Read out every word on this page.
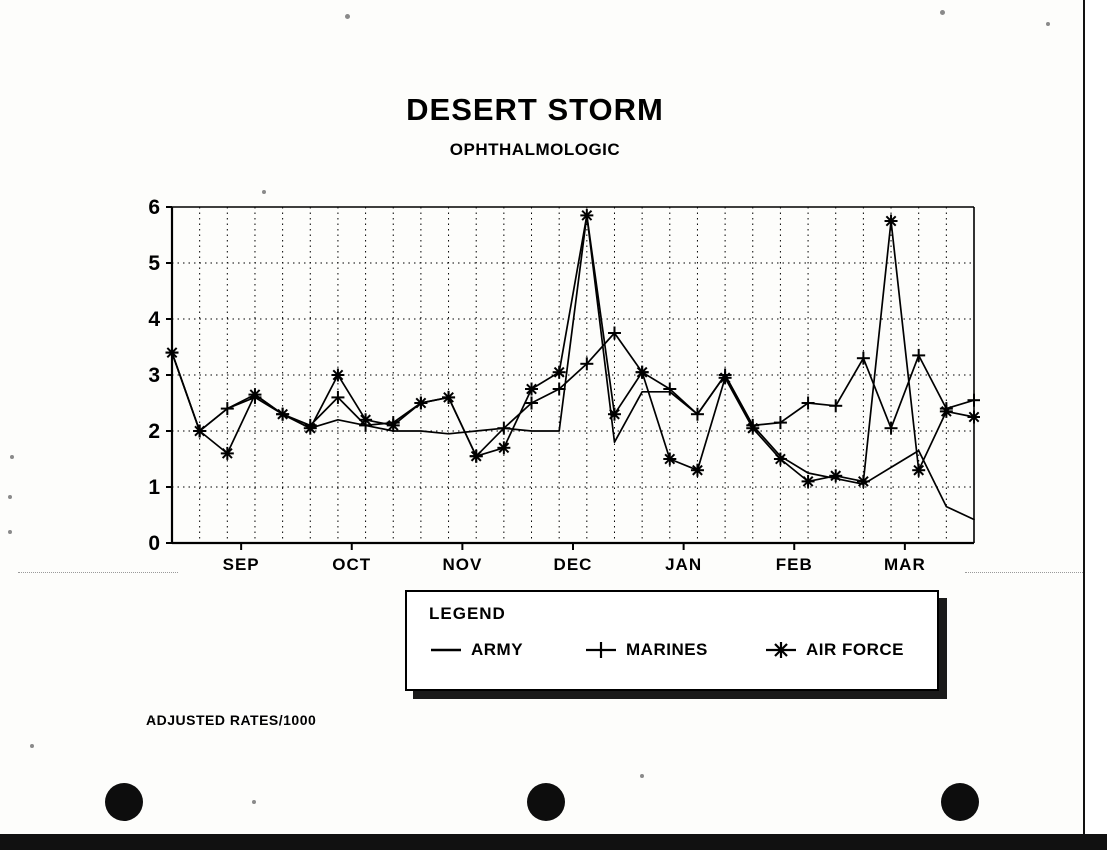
DESERT STORM
OPHTHALMOLOGIC
0
1
2
3
4
5
6
SEP	OCT	NOV	DEC	JAN	FEB	MAR
LEGEND
ARMY	MARINES	AIR FORCE
ADJUSTED RATES/1000
